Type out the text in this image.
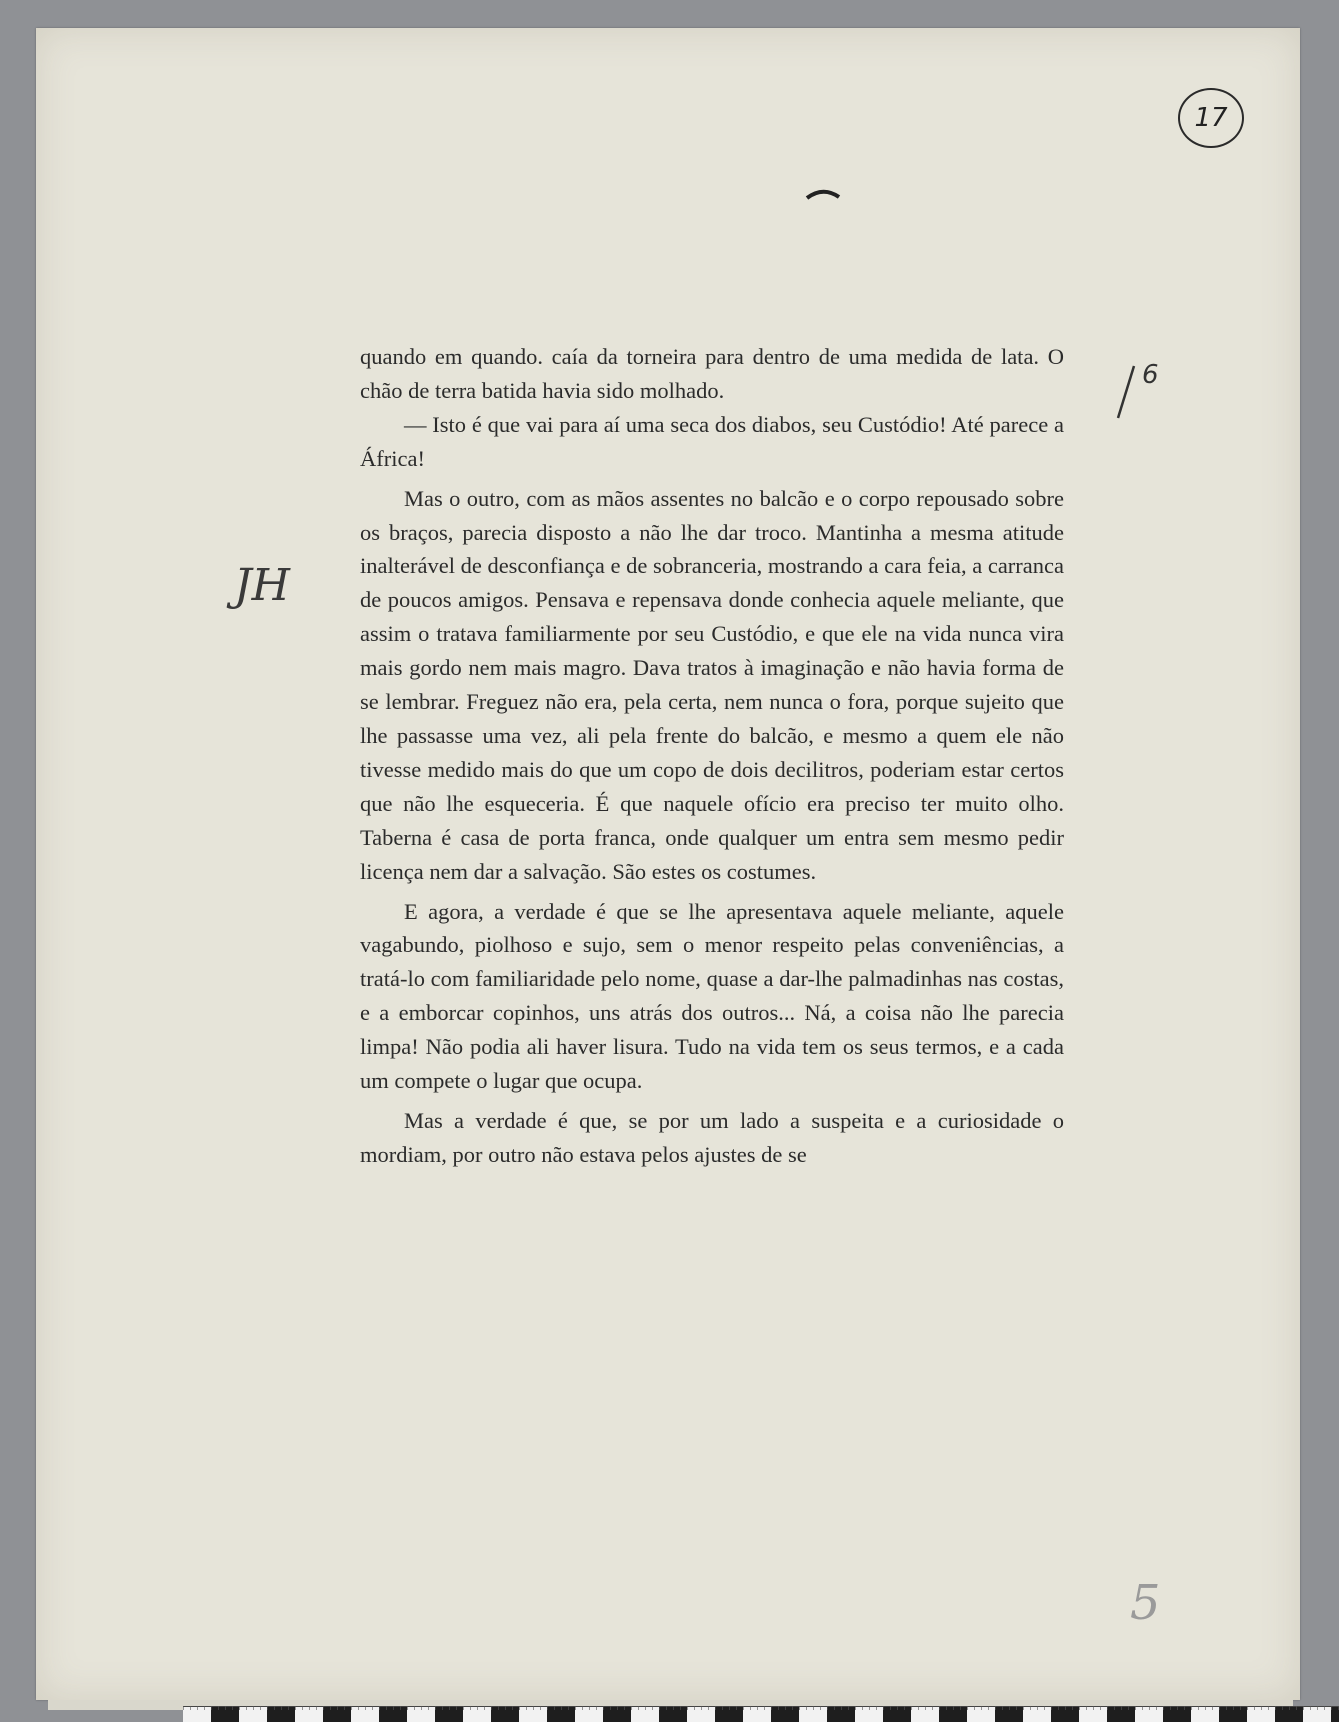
17
JH
6
5

quando em quando. caía da torneira para dentro de uma medida de lata. O chão de terra batida havia sido molhado.

— Isto é que vai para aí uma seca dos diabos, seu Custódio! Até parece a África!

Mas o outro, com as mãos assentes no balcão e o corpo repousado sobre os braços, parecia disposto a não lhe dar troco. Mantinha a mesma atitude inalterável de desconfiança e de sobranceria, mostrando a cara feia, a carranca de poucos amigos. Pensava e repensava donde conhecia aquele meliante, que assim o tratava familiarmente por seu Custódio, e que ele na vida nunca vira mais gordo nem mais magro. Dava tratos à imaginação e não havia forma de se lembrar. Freguez não era, pela certa, nem nunca o fora, porque sujeito que lhe passasse uma vez, ali pela frente do balcão, e mesmo a quem ele não tivesse medido mais do que um copo de dois decilitros, poderiam estar certos que não lhe esqueceria. É que naquele ofício era preciso ter muito olho. Taberna é casa de porta franca, onde qualquer um entra sem mesmo pedir licença nem dar a salvação. São estes os costumes.

E agora, a verdade é que se lhe apresentava aquele meliante, aquele vagabundo, piolhoso e sujo, sem o menor respeito pelas conveniências, a tratá-lo com familiaridade pelo nome, quase a dar-lhe palmadinhas nas costas, e a emborcar copinhos, uns atrás dos outros... Ná, a coisa não lhe parecia limpa! Não podia ali haver lisura. Tudo na vida tem os seus termos, e a cada um compete o lugar que ocupa.

Mas a verdade é que, se por um lado a suspeita e a curiosidade o mordiam, por outro não estava pelos ajustes de se
